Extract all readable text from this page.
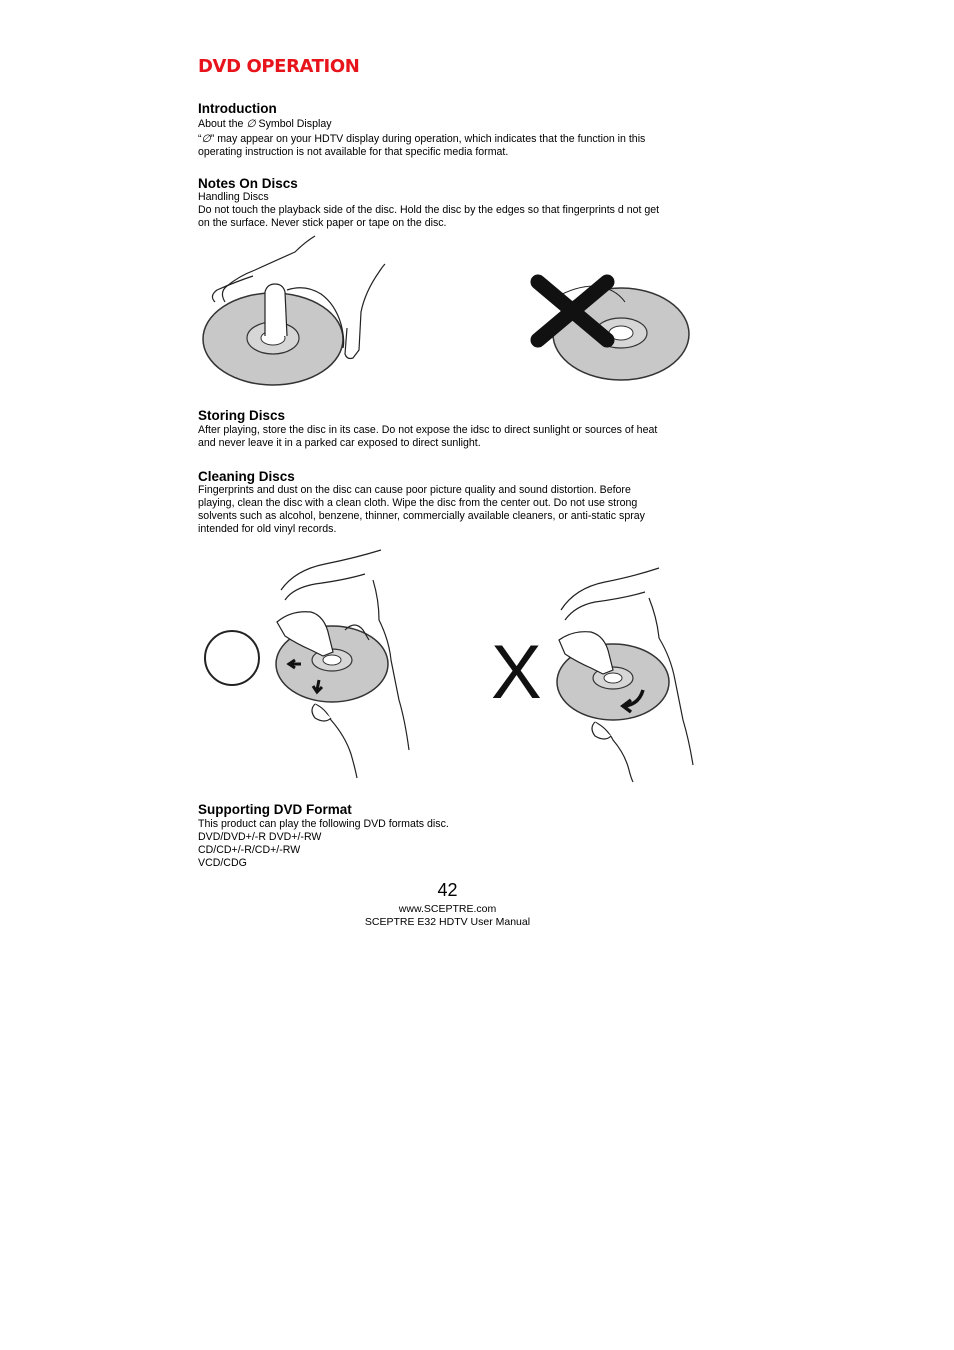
DVD OPERATION
Introduction
About the ∅ Symbol Display
“∅” may appear on your HDTV display during operation, which indicates that the function in this
operating instruction is not available for that specific media format.
Notes On Discs
Handling Discs
Do not touch the playback side of the disc. Hold the disc by the edges so that fingerprints d not get
on the surface. Never stick paper or tape on the disc.
Storing Discs
After playing, store the disc in its case. Do not expose the idsc to direct sunlight or sources of heat
and never leave it in a parked car exposed to direct sunlight.
Cleaning Discs
Fingerprints and dust on the disc can cause poor picture quality and sound distortion. Before
playing, clean the disc with a clean cloth. Wipe the disc from the center out. Do not use strong
solvents such as alcohol, benzene, thinner, commercially available cleaners, or anti-static spray
intended for old vinyl records.
X
Supporting DVD Format
This product can play the following DVD formats disc.
DVD/DVD+/-R DVD+/-RW
CD/CD+/-R/CD+/-RW
VCD/CDG
42
www.SCEPTRE.com
SCEPTRE E32 HDTV User Manual
